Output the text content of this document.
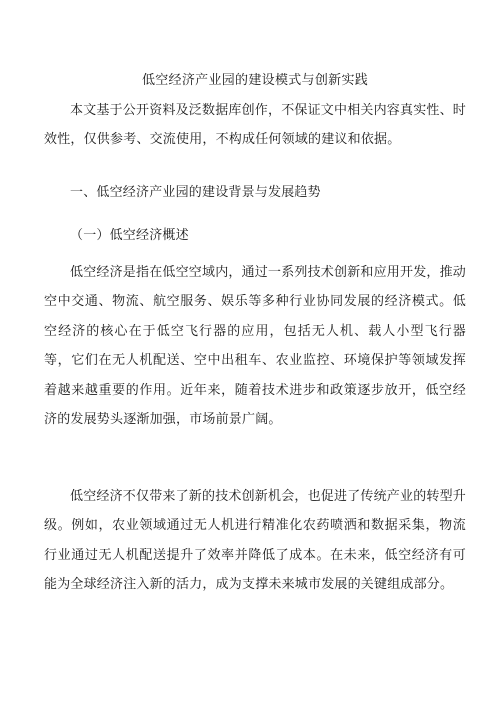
低空经济产业园的建设模式与创新实践

本文基于公开资料及泛数据库创作，不保证文中相关内容真实性、时效性，仅供参考、交流使用，不构成任何领域的建议和依据。

一、低空经济产业园的建设背景与发展趋势
（一）低空经济概述

低空经济是指在低空空域内，通过一系列技术创新和应用开发，推动空中交通、物流、航空服务、娱乐等多种行业协同发展的经济模式。低空经济的核心在于低空飞行器的应用，包括无人机、载人小型飞行器等，它们在无人机配送、空中出租车、农业监控、环境保护等领域发挥着越来越重要的作用。近年来，随着技术进步和政策逐步放开，低空经济的发展势头逐渐加强，市场前景广阔。

低空经济不仅带来了新的技术创新机会，也促进了传统产业的转型升级。例如，农业领域通过无人机进行精准化农药喷洒和数据采集，物流行业通过无人机配送提升了效率并降低了成本。在未来，低空经济有可能为全球经济注入新的活力，成为支撑未来城市发展的关键组成部分。
